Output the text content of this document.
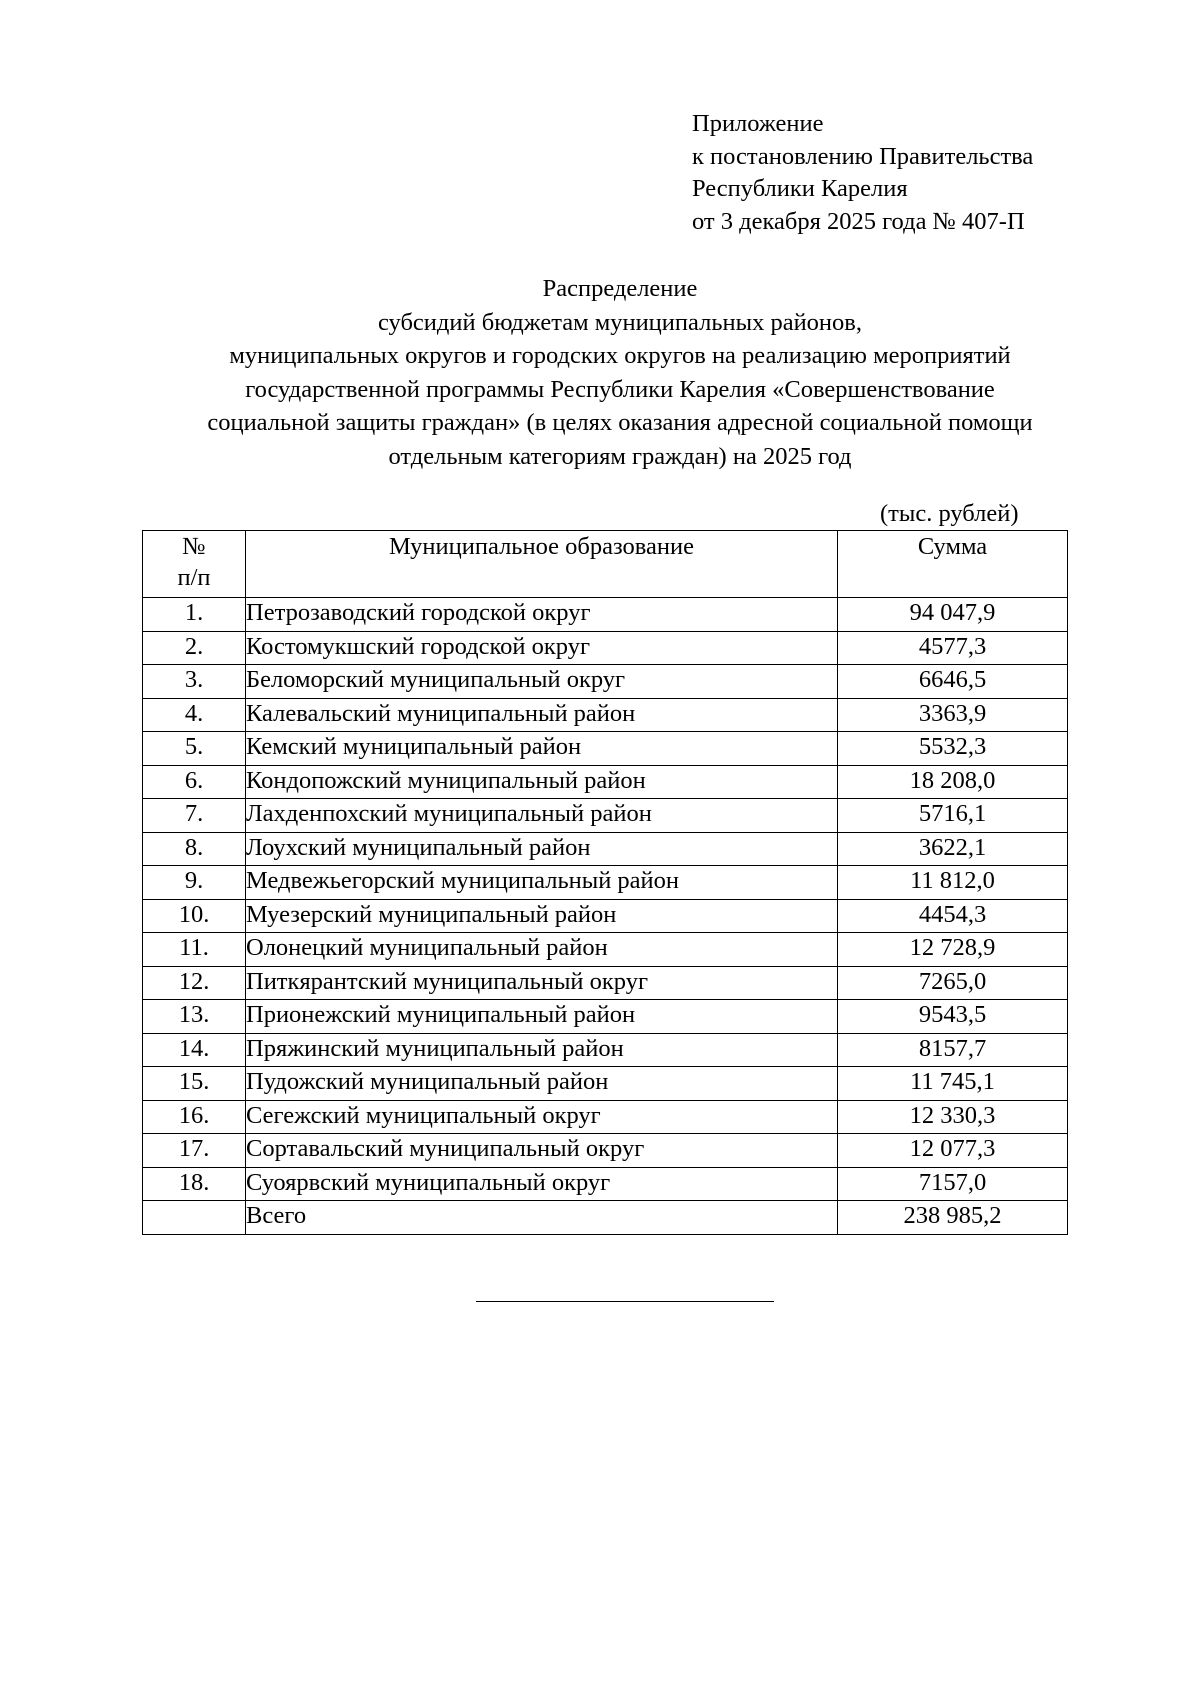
Приложение
к постановлению Правительства
Республики Карелия
от 3 декабря 2025 года № 407-П
Распределение
субсидий бюджетам муниципальных районов,
муниципальных округов и городских округов на реализацию мероприятий
государственной программы Республики Карелия «Совершенствование
социальной защиты граждан» (в целях оказания адресной социальной помощи
отдельным категориям граждан) на 2025 год
(тыс. рублей)
№
п/п	Муниципальное образование	Сумма
1.	Петрозаводский городской округ	94 047,9
2.	Костомукшский городской округ	4577,3
3.	Беломорский муниципальный округ	6646,5
4.	Калевальский муниципальный район	3363,9
5.	Кемский муниципальный район	5532,3
6.	Кондопожский муниципальный район	18 208,0
7.	Лахденпохский муниципальный район	5716,1
8.	Лоухский муниципальный район	3622,1
9.	Медвежьегорский муниципальный район	11 812,0
10.	Муезерский муниципальный район	4454,3
11.	Олонецкий муниципальный район	12 728,9
12.	Питкярантский муниципальный округ	7265,0
13.	Прионежский муниципальный район	9543,5
14.	Пряжинский муниципальный район	8157,7
15.	Пудожский муниципальный район	11 745,1
16.	Сегежский муниципальный округ	12 330,3
17.	Сортавальский муниципальный округ	12 077,3
18.	Суоярвский муниципальный округ	7157,0
	Всего	238 985,2
